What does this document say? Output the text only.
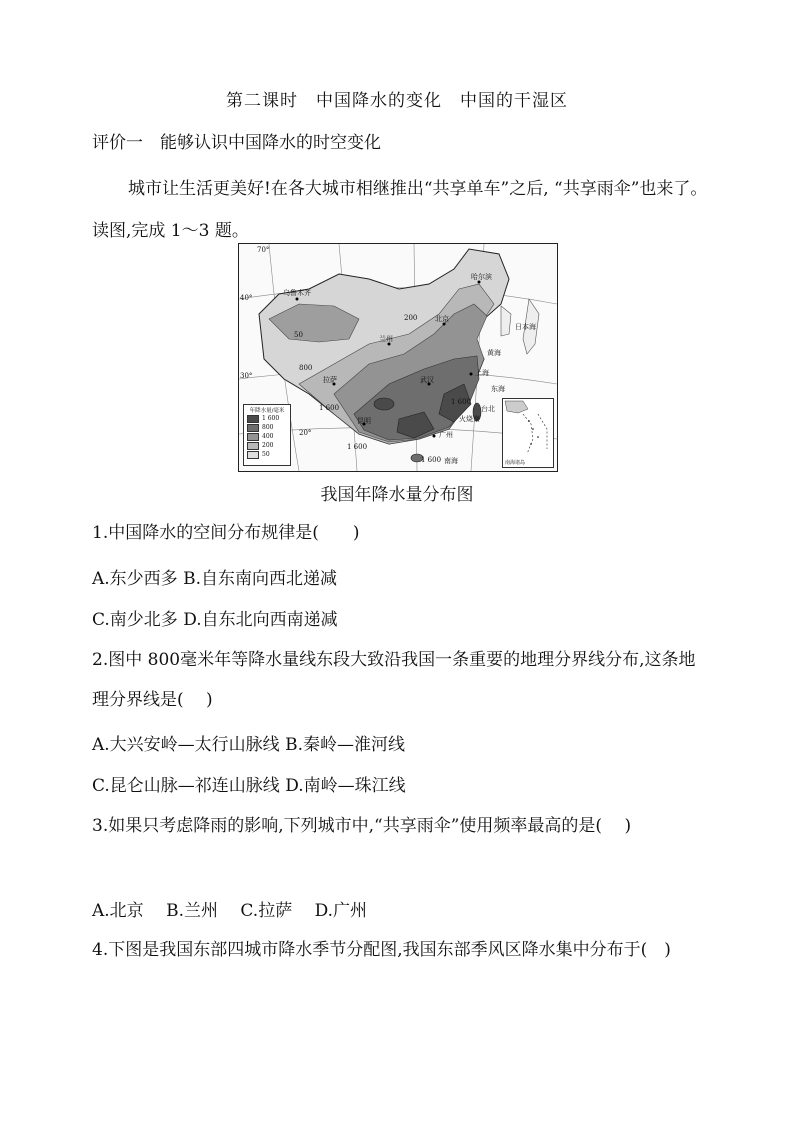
第二课时　中国降水的变化　中国的干湿区
评价一　能够认识中国降水的时空变化
城市让生活更美好!在各大城市相继推出“共享单车”之后, “共享雨伞”也来了。读图,完成 1～3 题。
70°
40°
30°
20°
乌鲁木齐
哈尔滨
北京
兰州
拉萨
上海
武汉
广州
昆明
台北
黄海
东海
南海
日本海
火烧寮
1 600
1 600
1 600
1 600
800
50
200
年降水量/毫米
1 600
800
400
200
50
南海诸岛
我国年降水量分布图
1.中国降水的空间分布规律是(　　)
A.东少西多 B.自东南向西北递减
C.南少北多 D.自东北向西南递减
2.图中 800毫米年等降水量线东段大致沿我国一条重要的地理分界线分布,这条地理分界线是(　 )
A.大兴安岭—太行山脉线 B.秦岭—淮河线
C.昆仑山脉—祁连山脉线 D.南岭—珠江线
3.如果只考虑降雨的影响,下列城市中,“共享雨伞”使用频率最高的是(　 )
A.北京　 B.兰州　 C.拉萨　 D.广州
4.下图是我国东部四城市降水季节分配图,我国东部季风区降水集中分布于(　)
